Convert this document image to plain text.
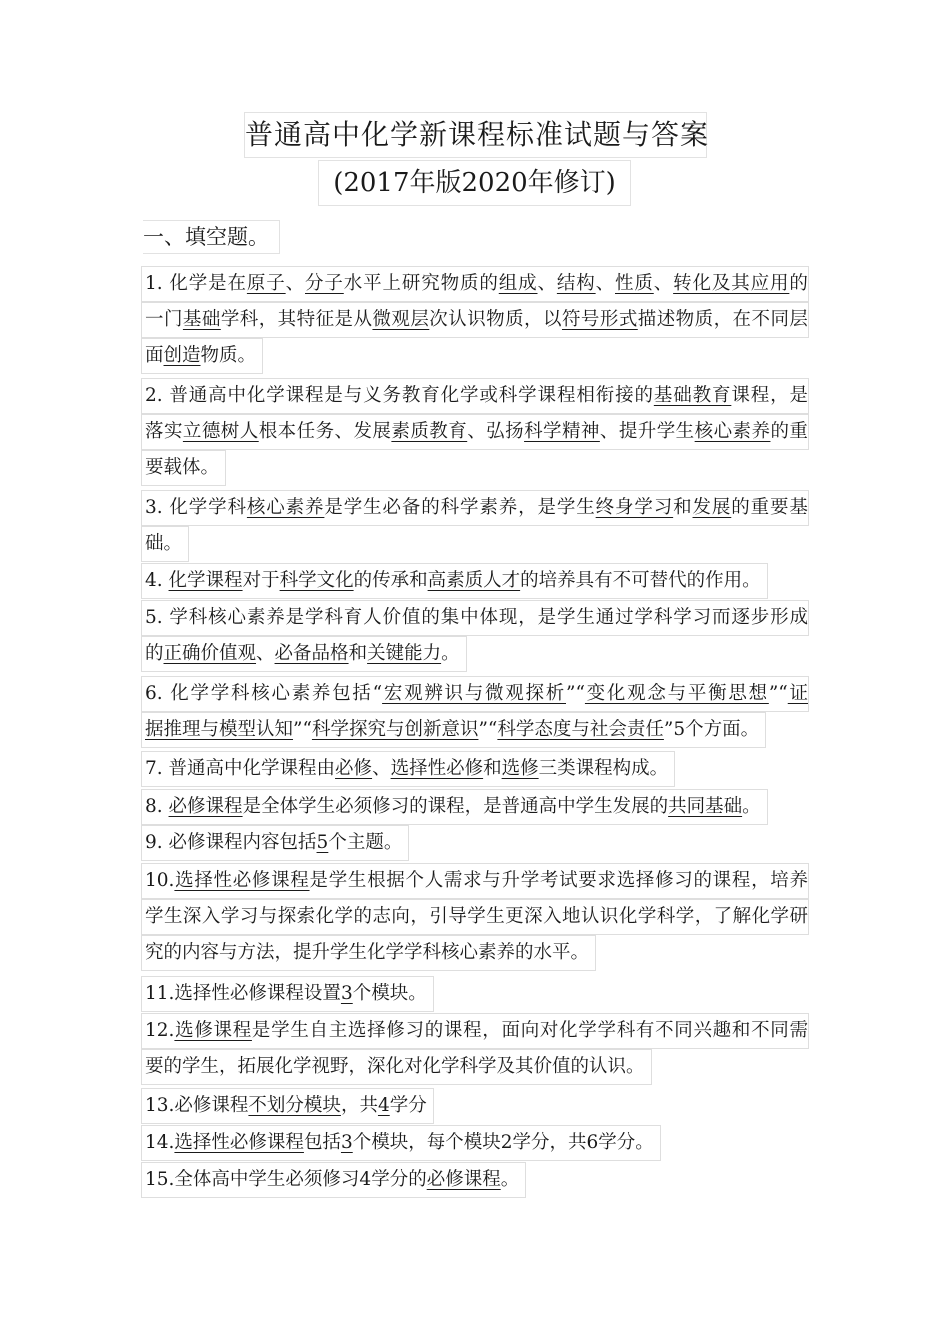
普通高中化学新课程标准试题与答案
(2017年版2020年修订)
一、填空题。
1. 化学是在原子、分子水平上研究物质的组成、结构、性质、转化及其应用的
一门基础学科，其特征是从微观层次认识物质，以符号形式描述物质，在不同层
面创造物质。
2. 普通高中化学课程是与义务教育化学或科学课程相衔接的基础教育课程，是
落实立德树人根本任务、发展素质教育、弘扬科学精神、提升学生核心素养的重
要载体。
3. 化学学科核心素养是学生必备的科学素养，是学生终身学习和发展的重要基
础。
4. 化学课程对于科学文化的传承和高素质人才的培养具有不可替代的作用。
5. 学科核心素养是学科育人价值的集中体现，是学生通过学科学习而逐步形成
的正确价值观、必备品格和关键能力。
6. 化学学科核心素养包括“宏观辨识与微观探析”“变化观念与平衡思想”“证
据推理与模型认知”“科学探究与创新意识”“科学态度与社会责任”5个方面。
7. 普通高中化学课程由必修、选择性必修和选修三类课程构成。
8. 必修课程是全体学生必须修习的课程，是普通高中学生发展的共同基础。
9. 必修课程内容包括5个主题。
10.选择性必修课程是学生根据个人需求与升学考试要求选择修习的课程，培养
学生深入学习与探索化学的志向，引导学生更深入地认识化学科学，了解化学研
究的内容与方法，提升学生化学学科核心素养的水平。
11.选择性必修课程设置3个模块。
12.选修课程是学生自主选择修习的课程，面向对化学学科有不同兴趣和不同需
要的学生，拓展化学视野，深化对化学科学及其价值的认识。
13.必修课程不划分模块，共4学分
14.选择性必修课程包括3个模块，每个模块2学分，共6学分。
15.全体高中学生必须修习4学分的必修课程。
